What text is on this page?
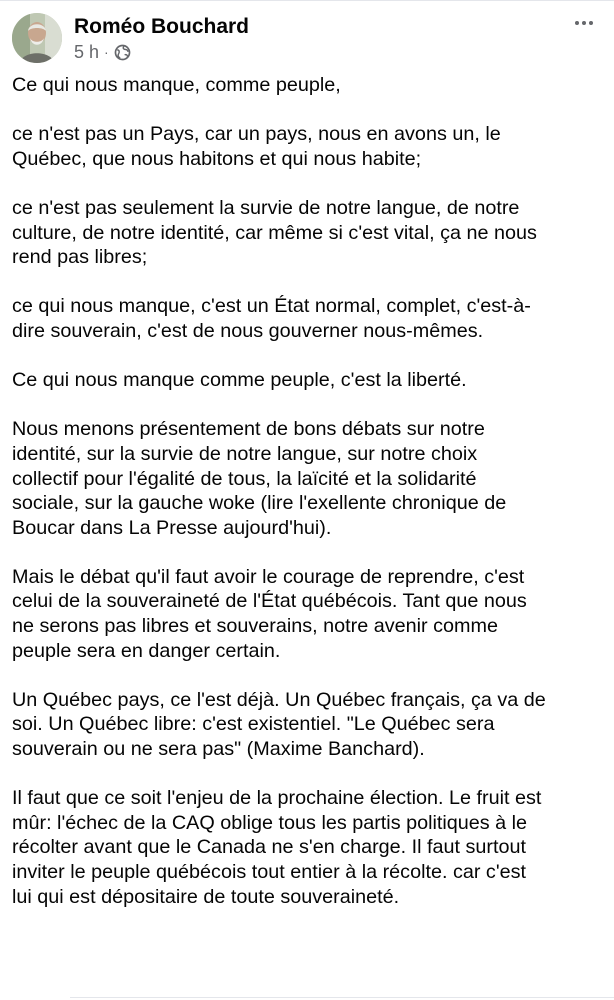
Roméo Bouchard
5 h ·

Ce qui nous manque, comme peuple,

ce n'est pas un Pays, car un pays, nous en avons un, le
Québec, que nous habitons et qui nous habite;

ce n'est pas seulement la survie de notre langue, de notre
culture, de notre identité, car même si c'est vital, ça ne nous
rend pas libres;

ce qui nous manque, c'est un État normal, complet, c'est-à-
dire souverain, c'est de nous gouverner nous-mêmes.

Ce qui nous manque comme peuple, c'est la liberté.

Nous menons présentement de bons débats sur notre
identité, sur la survie de notre langue, sur notre choix
collectif pour l'égalité de tous, la laïcité et la solidarité
sociale, sur la gauche woke (lire l'exellente chronique de
Boucar dans La Presse aujourd'hui).

Mais le débat qu'il faut avoir le courage de reprendre, c'est
celui de la souveraineté de l'État québécois. Tant que nous
ne serons pas libres et souverains, notre avenir comme
peuple sera en danger certain.

Un Québec pays, ce l'est déjà. Un Québec français, ça va de
soi. Un Québec libre: c'est existentiel. "Le Québec sera
souverain ou ne sera pas" (Maxime Banchard).

Il faut que ce soit l'enjeu de la prochaine élection. Le fruit est
mûr: l'échec de la CAQ oblige tous les partis politiques à le
récolter avant que le Canada ne s'en charge. Il faut surtout
inviter le peuple québécois tout entier à la récolte. car c'est
lui qui est dépositaire de toute souveraineté.
